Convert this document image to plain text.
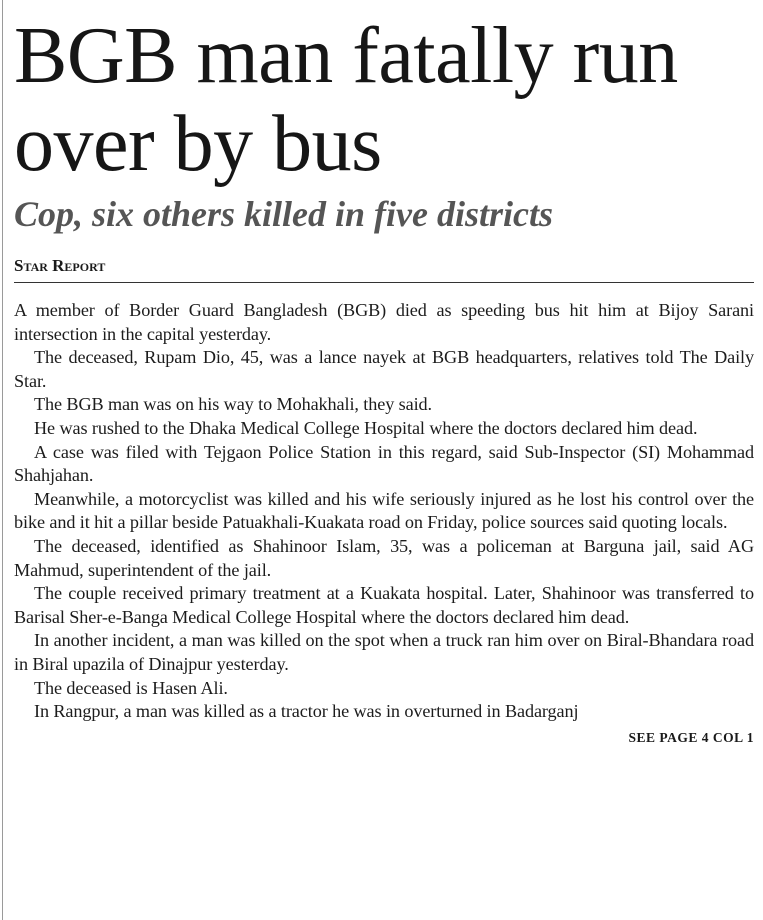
BGB man fatally run over by bus
Cop, six others killed in five districts
Star Report

A member of Border Guard Bangladesh (BGB) died as speeding bus hit him at Bijoy Sarani intersection in the capital yesterday.

The deceased, Rupam Dio, 45, was a lance nayek at BGB headquarters, relatives told The Daily Star.

The BGB man was on his way to Mohakhali, they said.

He was rushed to the Dhaka Medical College Hospital where the doctors declared him dead.

A case was filed with Tejgaon Police Station in this regard, said Sub-Inspector (SI) Mohammad Shahjahan.

Meanwhile, a motorcyclist was killed and his wife seriously injured as he lost his control over the bike and it hit a pillar beside Patuakhali-Kuakata road on Friday, police sources said quoting locals.

The deceased, identified as Shahinoor Islam, 35, was a policeman at Barguna jail, said AG Mahmud, superintendent of the jail.

The couple received primary treatment at a Kuakata hospital. Later, Shahinoor was transferred to Barisal Sher-e-Banga Medical College Hospital where the doctors declared him dead.

In another incident, a man was killed on the spot when a truck ran him over on Biral-Bhandara road in Biral upazila of Dinajpur yesterday.

The deceased is Hasen Ali.

In Rangpur, a man was killed as a tractor he was in overturned in Badarganj

SEE PAGE 4 COL 1
